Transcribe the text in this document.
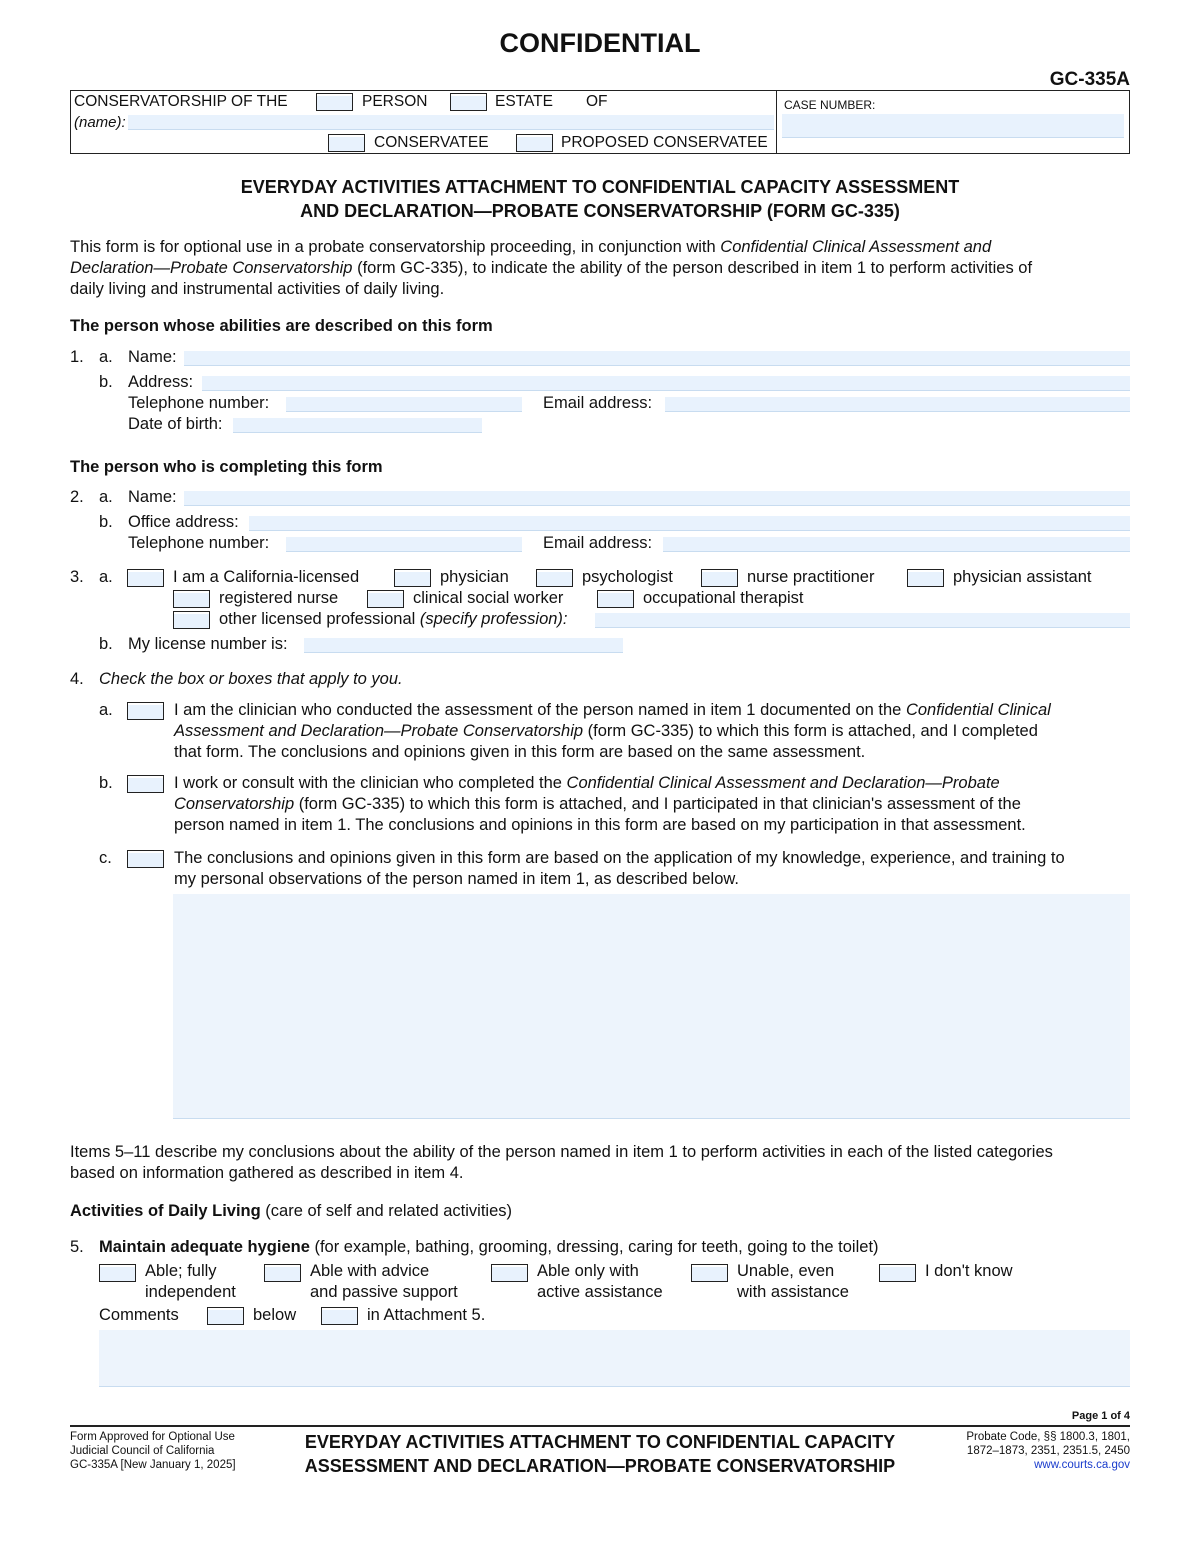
CONFIDENTIAL
GC-335A
CONSERVATORSHIP OF THE	PERSON	ESTATE OF
(name):
CONSERVATEE	PROPOSED CONSERVATEE
CASE NUMBER:
EVERYDAY ACTIVITIES ATTACHMENT TO CONFIDENTIAL CAPACITY ASSESSMENT
AND DECLARATION—PROBATE CONSERVATORSHIP (FORM GC-335)
This form is for optional use in a probate conservatorship proceeding, in conjunction with Confidential Clinical Assessment and
Declaration—Probate Conservatorship (form GC-335), to indicate the ability of the person described in item 1 to perform activities of
daily living and instrumental activities of daily living.
The person whose abilities are described on this form
1. a. Name:
b. Address:
Telephone number:	Email address:
Date of birth:
The person who is completing this form
2. a. Name:
b. Office address:
Telephone number:	Email address:
3. a.	I am a California-licensed	physician	psychologist	nurse practitioner	physician assistant
registered nurse	clinical social worker	occupational therapist
other licensed professional (specify profession):
b. My license number is:
4. Check the box or boxes that apply to you.
a.	I am the clinician who conducted the assessment of the person named in item 1 documented on the Confidential Clinical
Assessment and Declaration—Probate Conservatorship (form GC-335) to which this form is attached, and I completed
that form. The conclusions and opinions given in this form are based on the same assessment.
b.	I work or consult with the clinician who completed the Confidential Clinical Assessment and Declaration—Probate
Conservatorship (form GC-335) to which this form is attached, and I participated in that clinician's assessment of the
person named in item 1. The conclusions and opinions in this form are based on my participation in that assessment.
c.	The conclusions and opinions given in this form are based on the application of my knowledge, experience, and training to
my personal observations of the person named in item 1, as described below.
Items 5–11 describe my conclusions about the ability of the person named in item 1 to perform activities in each of the listed categories
based on information gathered as described in item 4.
Activities of Daily Living (care of self and related activities)
5. Maintain adequate hygiene (for example, bathing, grooming, dressing, caring for teeth, going to the toilet)
Able; fully
independent
Able with advice
and passive support
Able only with
active assistance
Unable, even
with assistance
I don't know
Comments	below	in Attachment 5.
Page 1 of 4
Form Approved for Optional Use
Judicial Council of California
GC-335A [New January 1, 2025]
EVERYDAY ACTIVITIES ATTACHMENT TO CONFIDENTIAL CAPACITY
ASSESSMENT AND DECLARATION—PROBATE CONSERVATORSHIP
Probate Code, §§ 1800.3, 1801,
1872–1873, 2351, 2351.5, 2450
www.courts.ca.gov
